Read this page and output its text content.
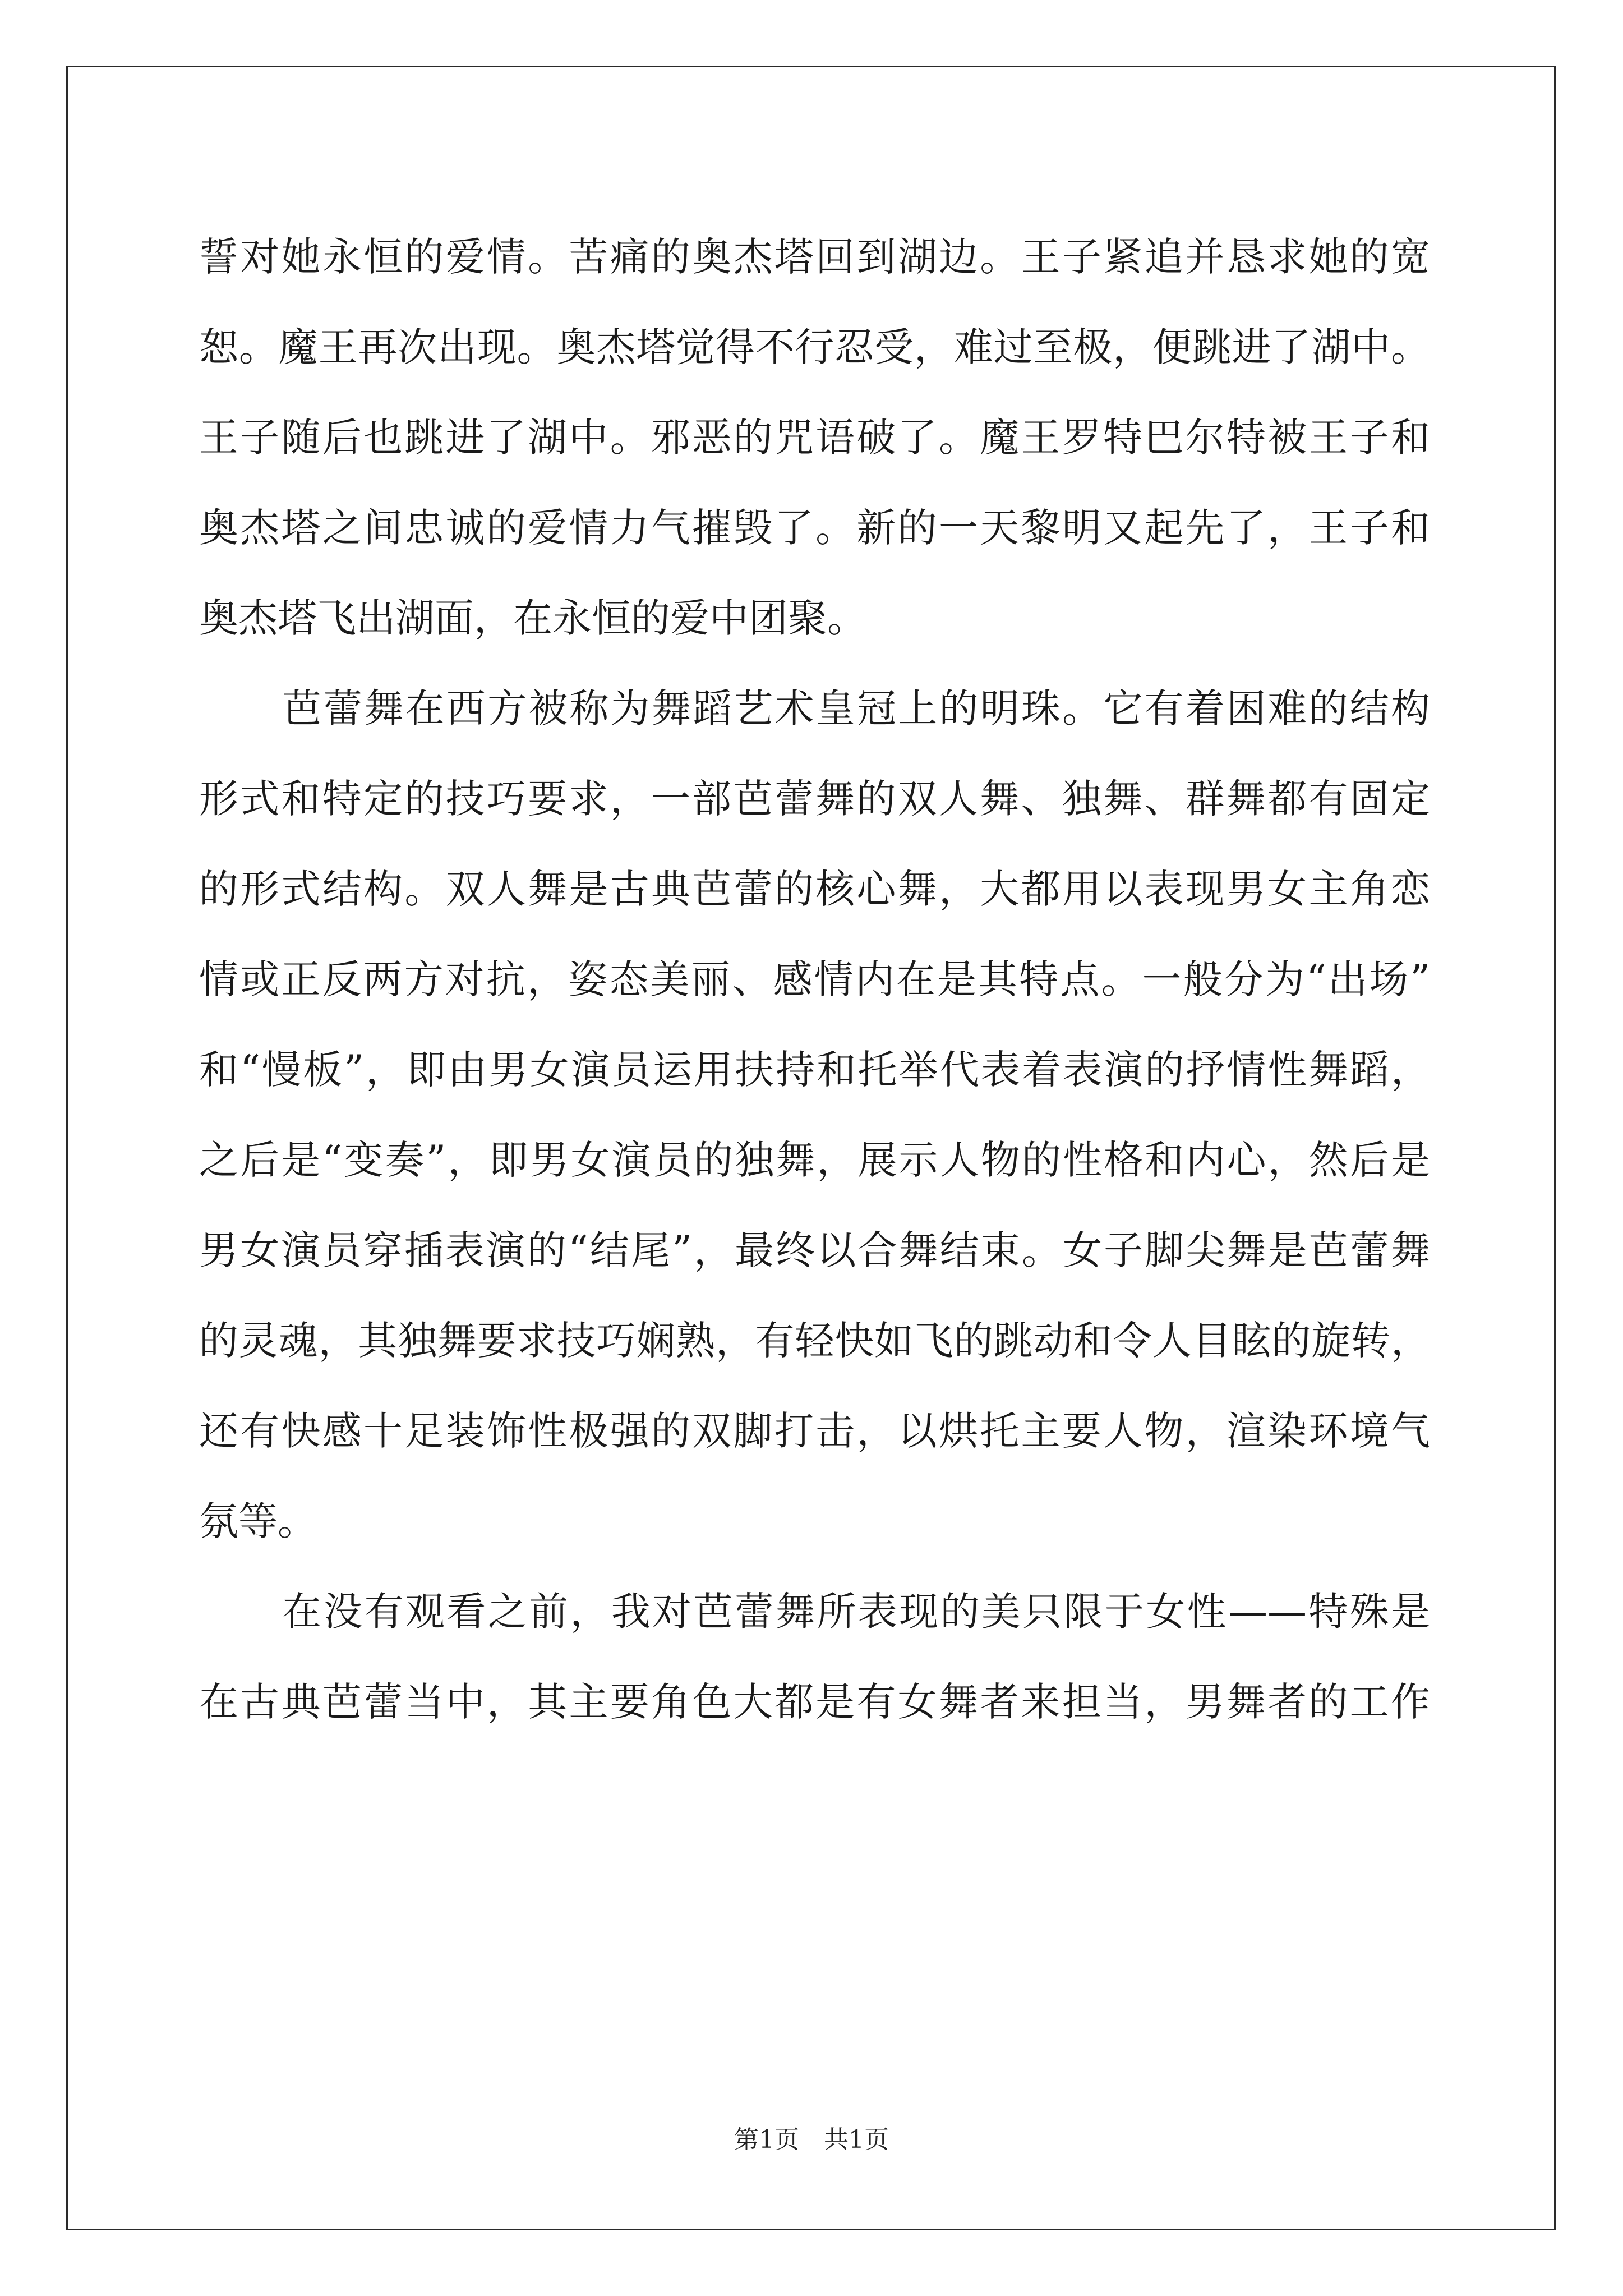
誓对她永恒的爱情。苦痛的奥杰塔回到湖边。王子紧追并恳求她的宽
恕。魔王再次出现。奥杰塔觉得不行忍受，难过至极，便跳进了湖中。
王子随后也跳进了湖中。邪恶的咒语破了。魔王罗特巴尔特被王子和
奥杰塔之间忠诚的爱情力气摧毁了。新的一天黎明又起先了，王子和
奥杰塔飞出湖面，在永恒的爱中团聚。
芭蕾舞在西方被称为舞蹈艺术皇冠上的明珠。它有着困难的结构
形式和特定的技巧要求，一部芭蕾舞的双人舞、独舞、群舞都有固定
的形式结构。双人舞是古典芭蕾的核心舞，大都用以表现男女主角恋
情或正反两方对抗，姿态美丽、感情内在是其特点。一般分为“出场”
和“慢板”，即由男女演员运用扶持和托举代表着表演的抒情性舞蹈，
之后是“变奏”，即男女演员的独舞，展示人物的性格和内心，然后是
男女演员穿插表演的“结尾”，最终以合舞结束。女子脚尖舞是芭蕾舞
的灵魂，其独舞要求技巧娴熟，有轻快如飞的跳动和令人目眩的旋转，
还有快感十足装饰性极强的双脚打击，以烘托主要人物，渲染环境气
氛等。
在没有观看之前，我对芭蕾舞所表现的美只限于女性——特殊是
在古典芭蕾当中，其主要角色大都是有女舞者来担当，男舞者的工作
第1页　共1页
